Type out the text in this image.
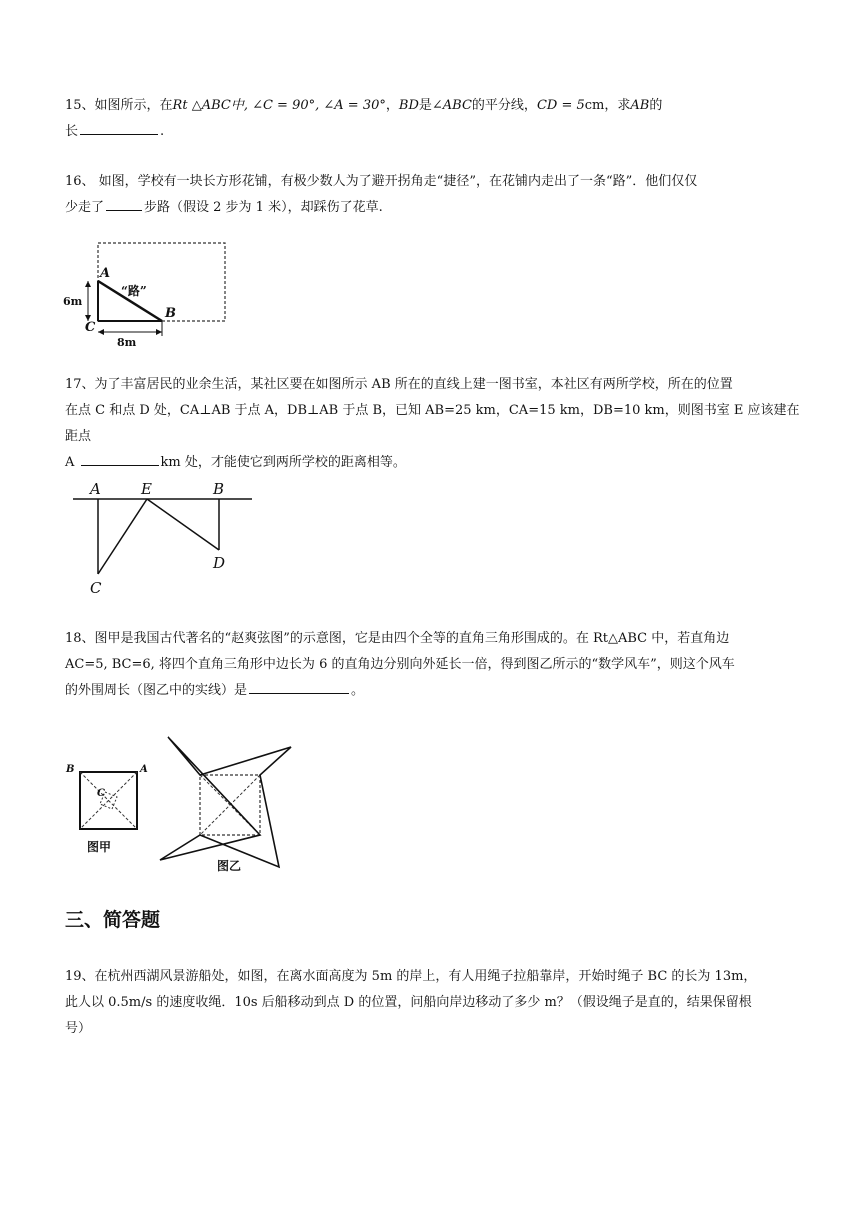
15、如图所示，在Rt △ABC中, ∠C = 90°, ∠A = 30°，BD是∠ABC的平分线，CD = 5cm，求AB的
长	.
16、 如图，学校有一块长方形花铺，有极少数人为了避开拐角走“捷径”，在花铺内走出了一条“路”．他们仅仅
少走了	步路（假设 2 步为 1 米），却踩伤了花草.
A
B
C
“路”
6m
8m
17、为了丰富居民的业余生活，某社区要在如图所示 AB 所在的直线上建一图书室，本社区有两所学校，所在的位置
在点 C 和点 D 处，CA⊥AB 于点 A，DB⊥AB 于点 B，已知 AB=25 km，CA=15 km，DB=10 km，则图书室 E 应该建在距点
A	km 处，才能使它到两所学校的距离相等。
A	E	B
C
D
18、图甲是我国古代著名的“赵爽弦图”的示意图，它是由四个全等的直角三角形围成的。在 Rt△ABC 中，若直角边
AC=5, BC=6, 将四个直角三角形中边长为 6 的直角边分别向外延长一倍，得到图乙所示的“数学风车”，则这个风车
的外围周长（图乙中的实线）是	。
B	A
C
图甲
图乙
三、简答题
19、在杭州西湖风景游船处，如图，在离水面高度为 5m 的岸上，有人用绳子拉船靠岸，开始时绳子 BC 的长为 13m，
此人以 0.5m/s 的速度收绳．10s 后船移动到点 D 的位置，问船向岸边移动了多少 m？（假设绳子是直的，结果保留根
号）
